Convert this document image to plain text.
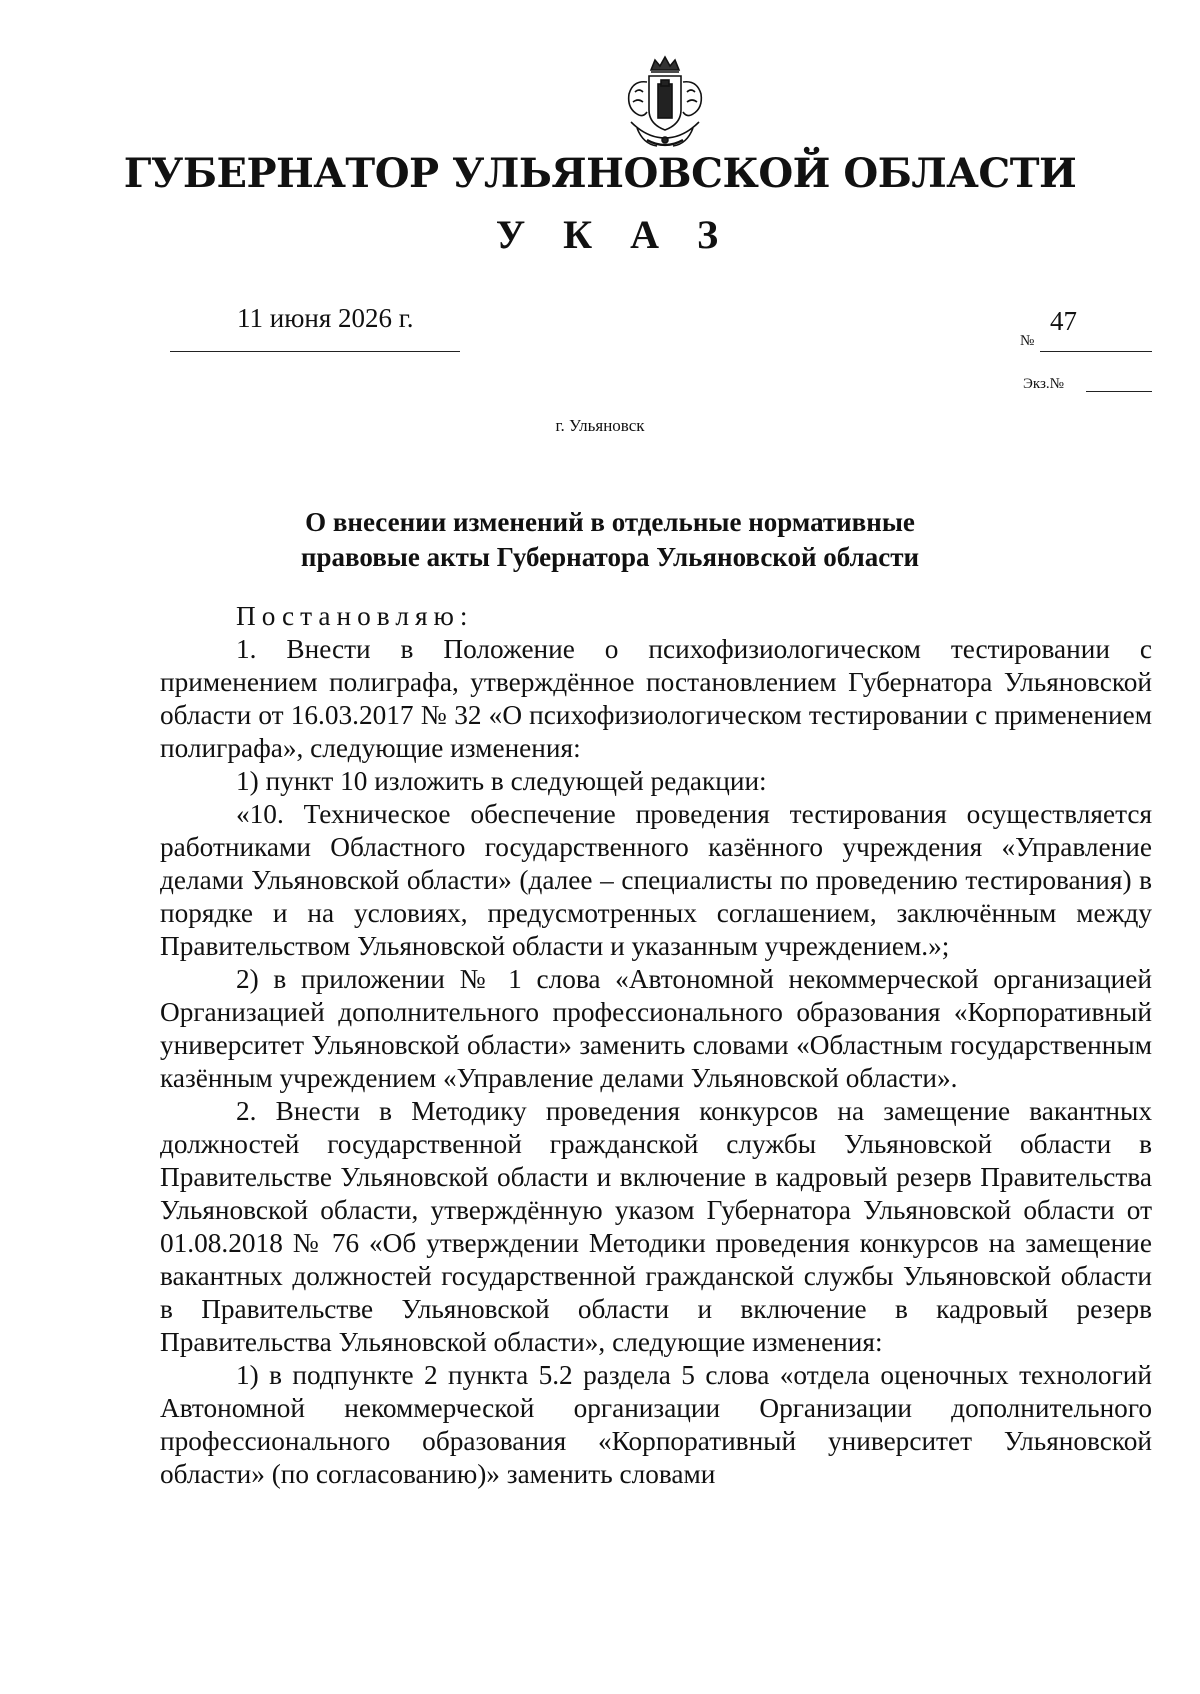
ГУБЕРНАТОР УЛЬЯНОВСКОЙ ОБЛАСТИ
У К А З
11 июня 2026 г.
№
47
Экз.№
г. Ульяновск
О внесении изменений в отдельные нормативные правовые акты Губернатора Ульяновской области

Постановляю:

1. Внести в Положение о психофизиологическом тестировании с применением полиграфа, утверждённое постановлением Губернатора Ульяновской области от 16.03.2017 № 32 «О психофизиологическом тестировании с применением полиграфа», следующие изменения:

1) пункт 10 изложить в следующей редакции:

«10. Техническое обеспечение проведения тестирования осуществляется работниками Областного государственного казённого учреждения «Управление делами Ульяновской области» (далее – специалисты по проведению тестирования) в порядке и на условиях, предусмотренных соглашением, заключённым между Правительством Ульяновской области и указанным учреждением.»;

2) в приложении № 1 слова «Автономной некоммерческой организацией Организацией дополнительного профессионального образования «Корпоративный университет Ульяновской области» заменить словами «Областным государственным казённым учреждением «Управление делами Ульяновской области».

2. Внести в Методику проведения конкурсов на замещение вакантных должностей государственной гражданской службы Ульяновской области в Правительстве Ульяновской области и включение в кадровый резерв Правительства Ульяновской области, утверждённую указом Губернатора Ульяновской области от 01.08.2018 № 76 «Об утверждении Методики проведения конкурсов на замещение вакантных должностей государственной гражданской службы Ульяновской области в Правительстве Ульяновской области и включение в кадровый резерв Правительства Ульяновской области», следующие изменения:

1) в подпункте 2 пункта 5.2 раздела 5 слова «отдела оценочных технологий Автономной некоммерческой организации Организации дополнительного профессионального образования «Корпоративный университет Ульяновской области» (по согласованию)» заменить словами
